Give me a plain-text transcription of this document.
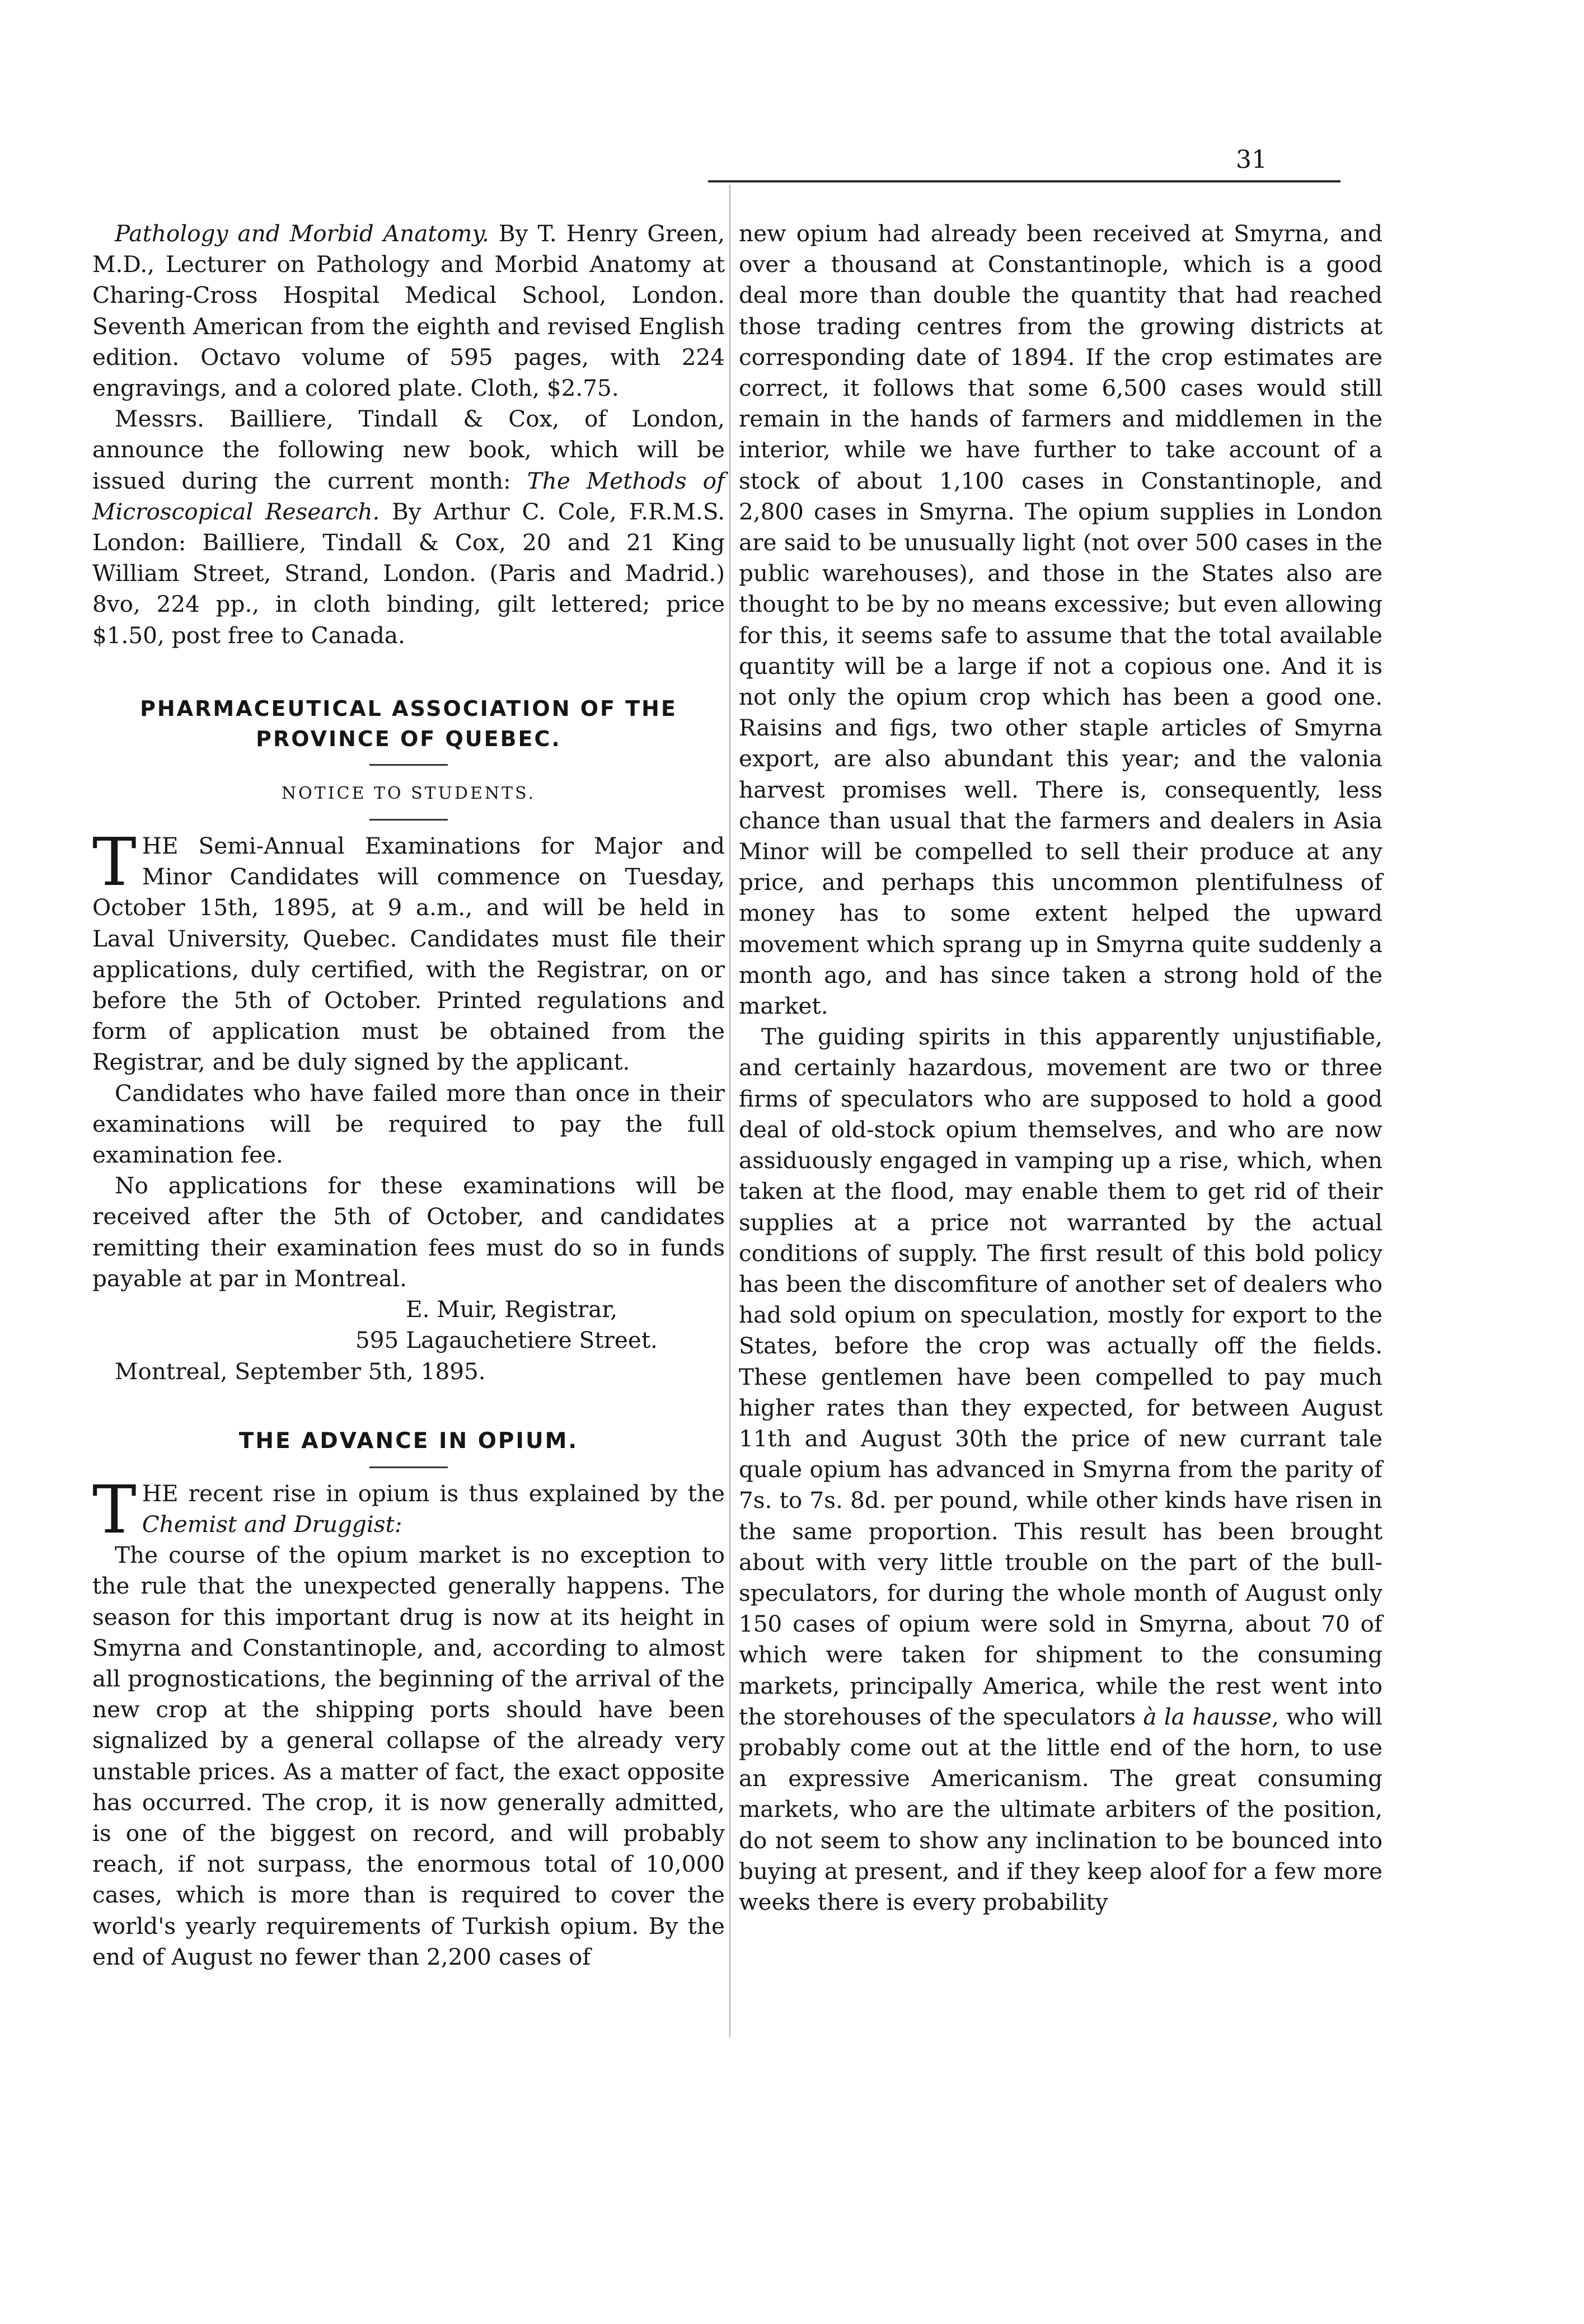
31

Pathology and Morbid Anatomy. By T. Henry Green, M.D., Lecturer on Pathology and Morbid Anatomy at Charing-Cross Hospital Medical School, London. Seventh American from the eighth and revised English edition. Octavo volume of 595 pages, with 224 engravings, and a colored plate. Cloth, $2.75.

Messrs. Bailliere, Tindall & Cox, of London, announce the following new book, which will be issued during the current month: The Methods of Microscopical Research. By Arthur C. Cole, F.R.M.S. London: Bailliere, Tindall & Cox, 20 and 21 King William Street, Strand, London. (Paris and Madrid.) 8vo, 224 pp., in cloth binding, gilt lettered; price $1.50, post free to Canada.

PHARMACEUTICAL ASSOCIATION OF THE PROVINCE OF QUEBEC.

NOTICE TO STUDENTS.

THE Semi-Annual Examinations for Major and Minor Candidates will commence on Tuesday, October 15th, 1895, at 9 a.m., and will be held in Laval University, Quebec. Candidates must file their applications, duly certified, with the Registrar, on or before the 5th of October. Printed regulations and form of application must be obtained from the Registrar, and be duly signed by the applicant.

Candidates who have failed more than once in their examinations will be required to pay the full examination fee.

No applications for these examinations will be received after the 5th of October, and candidates remitting their examination fees must do so in funds payable at par in Montreal.

E. Muir, Registrar,

595 Lagauchetiere Street.

Montreal, September 5th, 1895.

THE ADVANCE IN OPIUM.

THE recent rise in opium is thus explained by the Chemist and Druggist:

The course of the opium market is no exception to the rule that the unexpected generally happens. The season for this important drug is now at its height in Smyrna and Constantinople, and, according to almost all prognostications, the beginning of the arrival of the new crop at the shipping ports should have been signalized by a general collapse of the already very unstable prices. As a matter of fact, the exact opposite has occurred. The crop, it is now generally admitted, is one of the biggest on record, and will probably reach, if not surpass, the enormous total of 10,000 cases, which is more than is required to cover the world's yearly requirements of Turkish opium. By the end of August no fewer than 2,200 cases of

new opium had already been received at Smyrna, and over a thousand at Constantinople, which is a good deal more than double the quantity that had reached those trading centres from the growing districts at corresponding date of 1894. If the crop estimates are correct, it follows that some 6,500 cases would still remain in the hands of farmers and middlemen in the interior, while we have further to take account of a stock of about 1,100 cases in Constantinople, and 2,800 cases in Smyrna. The opium supplies in London are said to be unusually light (not over 500 cases in the public warehouses), and those in the States also are thought to be by no means excessive; but even allowing for this, it seems safe to assume that the total available quantity will be a large if not a copious one. And it is not only the opium crop which has been a good one. Raisins and figs, two other staple articles of Smyrna export, are also abundant this year; and the valonia harvest promises well. There is, consequently, less chance than usual that the farmers and dealers in Asia Minor will be compelled to sell their produce at any price, and perhaps this uncommon plentifulness of money has to some extent helped the upward movement which sprang up in Smyrna quite suddenly a month ago, and has since taken a strong hold of the market.

The guiding spirits in this apparently unjustifiable, and certainly hazardous, movement are two or three firms of speculators who are supposed to hold a good deal of old-stock opium themselves, and who are now assiduously engaged in vamping up a rise, which, when taken at the flood, may enable them to get rid of their supplies at a price not warranted by the actual conditions of supply. The first result of this bold policy has been the discomfiture of another set of dealers who had sold opium on speculation, mostly for export to the States, before the crop was actually off the fields. These gentlemen have been compelled to pay much higher rates than they expected, for between August 11th and August 30th the price of new currant tale quale opium has advanced in Smyrna from the parity of 7s. to 7s. 8d. per pound, while other kinds have risen in the same proportion. This result has been brought about with very little trouble on the part of the bull-speculators, for during the whole month of August only 150 cases of opium were sold in Smyrna, about 70 of which were taken for shipment to the consuming markets, principally America, while the rest went into the storehouses of the speculators à la hausse, who will probably come out at the little end of the horn, to use an expressive Americanism. The great consuming markets, who are the ultimate arbiters of the position, do not seem to show any inclination to be bounced into buying at present, and if they keep aloof for a few more weeks there is every probability
